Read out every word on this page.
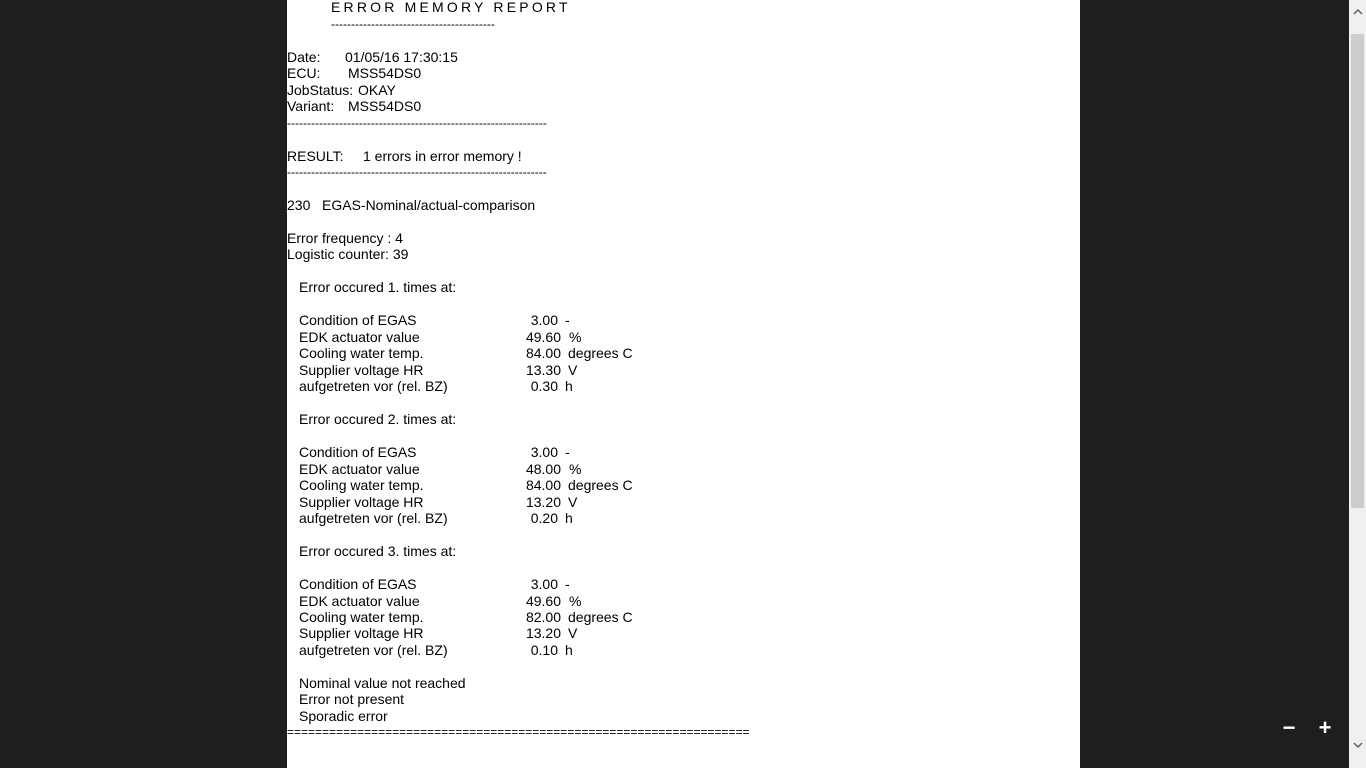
ERROR MEMORY REPORT
-----------------------------------------
Date: 01/05/16 17:30:15
ECU: MSS54DS0
JobStatus: OKAY
Variant: MSS54DS0
-----------------------------------------------------------------
RESULT: 1 errors in error memory !
-----------------------------------------------------------------
230 EGAS-Nominal/actual-comparison
Error frequency : 4
Logistic counter: 39
Error occured 1. times at:
Condition of EGAS	3.00 -
EDK actuator value	49.60 %
Cooling water temp.	84.00 degrees C
Supplier voltage HR	13.30 V
aufgetreten vor (rel. BZ)	0.30 h
Error occured 2. times at:
Condition of EGAS	3.00 -
EDK actuator value	48.00 %
Cooling water temp.	84.00 degrees C
Supplier voltage HR	13.20 V
aufgetreten vor (rel. BZ)	0.20 h
Error occured 3. times at:
Condition of EGAS	3.00 -
EDK actuator value	49.60 %
Cooling water temp.	82.00 degrees C
Supplier voltage HR	13.20 V
aufgetreten vor (rel. BZ)	0.10 h
Nominal value not reached
Error not present
Sporadic error
==================================================================	− +
